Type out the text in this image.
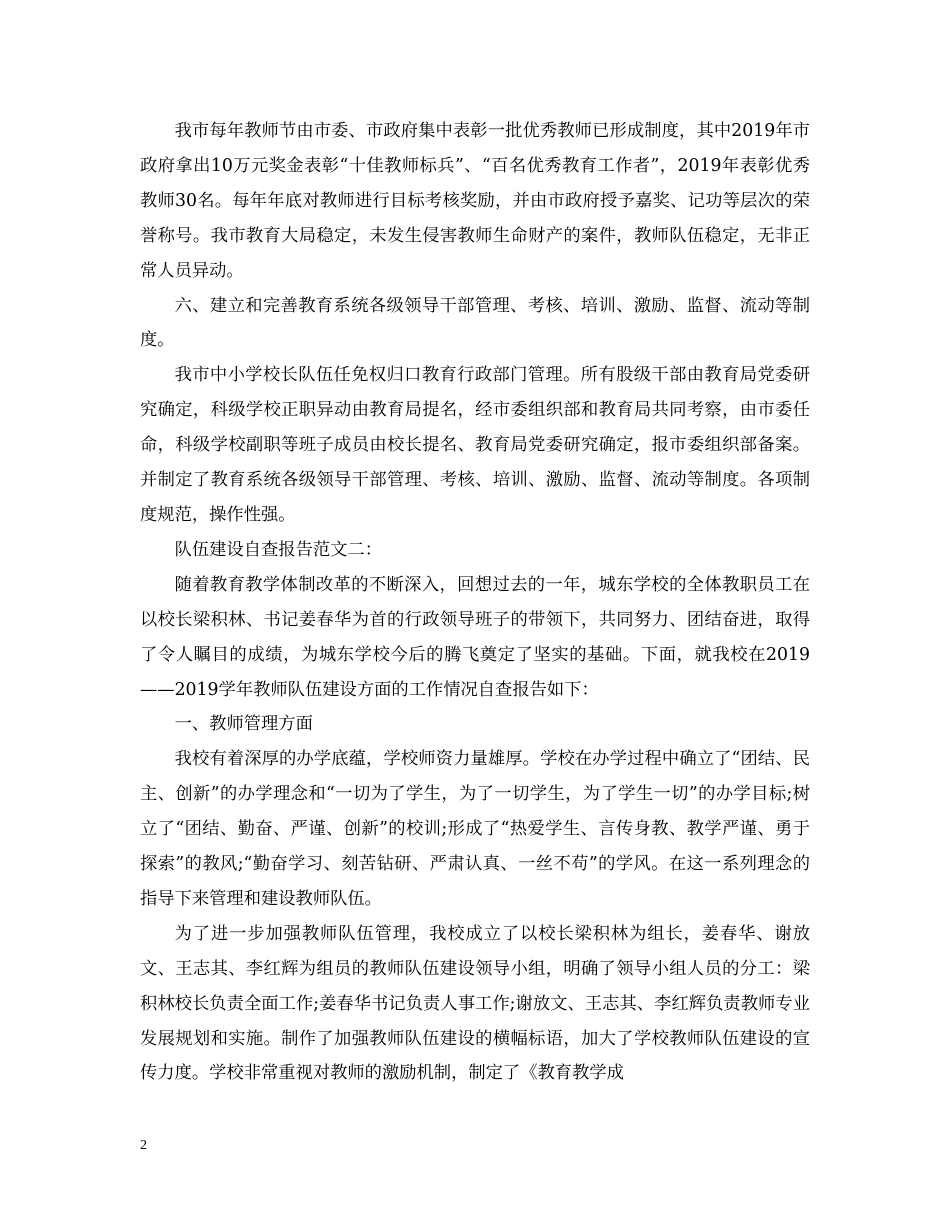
我市每年教师节由市委、市政府集中表彰一批优秀教师已形成制度，其中2019年市政府拿出10万元奖金表彰“十佳教师标兵”、“百名优秀教育工作者”，2019年表彰优秀教师30名。每年年底对教师进行目标考核奖励，并由市政府授予嘉奖、记功等层次的荣誉称号。我市教育大局稳定，未发生侵害教师生命财产的案件，教师队伍稳定，无非正常人员异动。

六、建立和完善教育系统各级领导干部管理、考核、培训、激励、监督、流动等制度。

我市中小学校长队伍任免权归口教育行政部门管理。所有股级干部由教育局党委研究确定，科级学校正职异动由教育局提名，经市委组织部和教育局共同考察，由市委任命，科级学校副职等班子成员由校长提名、教育局党委研究确定，报市委组织部备案。并制定了教育系统各级领导干部管理、考核、培训、激励、监督、流动等制度。各项制度规范，操作性强。

队伍建设自查报告范文二：

随着教育教学体制改革的不断深入，回想过去的一年，城东学校的全体教职员工在以校长梁积林、书记姜春华为首的行政领导班子的带领下，共同努力、团结奋进，取得了令人瞩目的成绩，为城东学校今后的腾飞奠定了坚实的基础。下面，就我校在2019——2019学年教师队伍建设方面的工作情况自查报告如下：

一、教师管理方面

我校有着深厚的办学底蕴，学校师资力量雄厚。学校在办学过程中确立了“团结、民主、创新”的办学理念和“一切为了学生，为了一切学生，为了学生一切”的办学目标;树立了“团结、勤奋、严谨、创新”的校训;形成了“热爱学生、言传身教、教学严谨、勇于探索”的教风;“勤奋学习、刻苦钻研、严肃认真、一丝不苟”的学风。在这一系列理念的指导下来管理和建设教师队伍。

为了进一步加强教师队伍管理，我校成立了以校长梁积林为组长，姜春华、谢放文、王志其、李红辉为组员的教师队伍建设领导小组，明确了领导小组人员的分工：梁积林校长负责全面工作;姜春华书记负责人事工作;谢放文、王志其、李红辉负责教师专业发展规划和实施。制作了加强教师队伍建设的横幅标语，加大了学校教师队伍建设的宣传力度。学校非常重视对教师的激励机制，制定了《教育教学成

2
